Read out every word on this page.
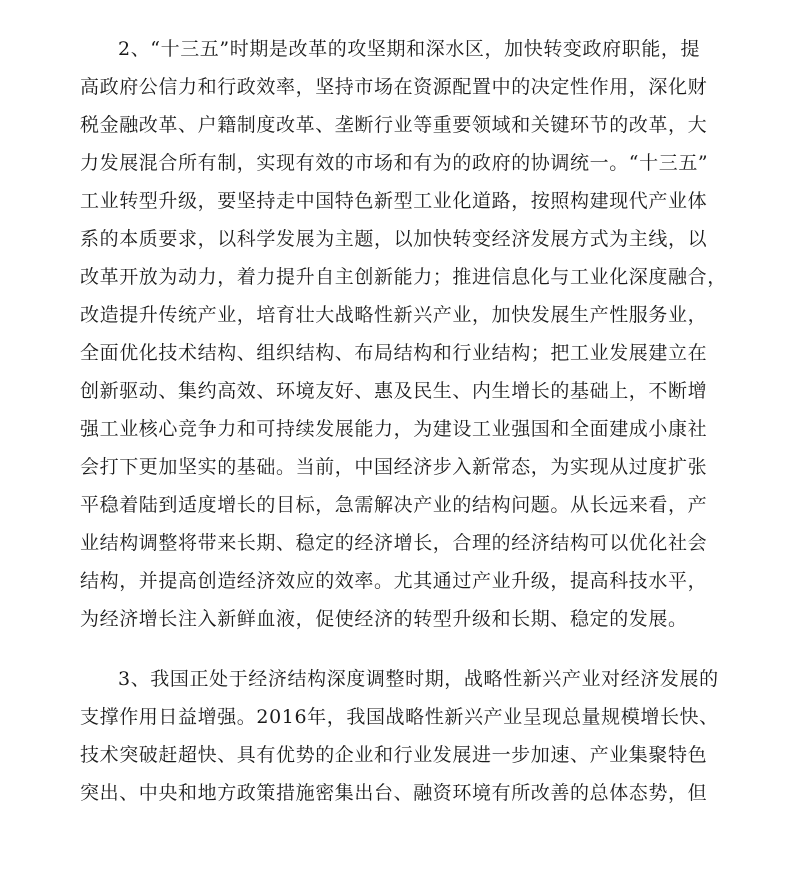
2、“十三五”时期是改革的攻坚期和深水区，加快转变政府职能，提
高政府公信力和行政效率，坚持市场在资源配置中的决定性作用，深化财
税金融改革、户籍制度改革、垄断行业等重要领域和关键环节的改革，大
力发展混合所有制，实现有效的市场和有为的政府的协调统一。“十三五”
工业转型升级，要坚持走中国特色新型工业化道路，按照构建现代产业体
系的本质要求，以科学发展为主题，以加快转变经济发展方式为主线，以
改革开放为动力，着力提升自主创新能力；推进信息化与工业化深度融合，
改造提升传统产业，培育壮大战略性新兴产业，加快发展生产性服务业，
全面优化技术结构、组织结构、布局结构和行业结构；把工业发展建立在
创新驱动、集约高效、环境友好、惠及民生、内生增长的基础上，不断增
强工业核心竞争力和可持续发展能力，为建设工业强国和全面建成小康社
会打下更加坚实的基础。当前，中国经济步入新常态，为实现从过度扩张
平稳着陆到适度增长的目标，急需解决产业的结构问题。从长远来看，产
业结构调整将带来长期、稳定的经济增长，合理的经济结构可以优化社会
结构，并提高创造经济效应的效率。尤其通过产业升级，提高科技水平，
为经济增长注入新鲜血液，促使经济的转型升级和长期、稳定的发展。
3、我国正处于经济结构深度调整时期，战略性新兴产业对经济发展的
支撑作用日益增强。2016年，我国战略性新兴产业呈现总量规模增长快、
技术突破赶超快、具有优势的企业和行业发展进一步加速、产业集聚特色
突出、中央和地方政策措施密集出台、融资环境有所改善的总体态势，但
